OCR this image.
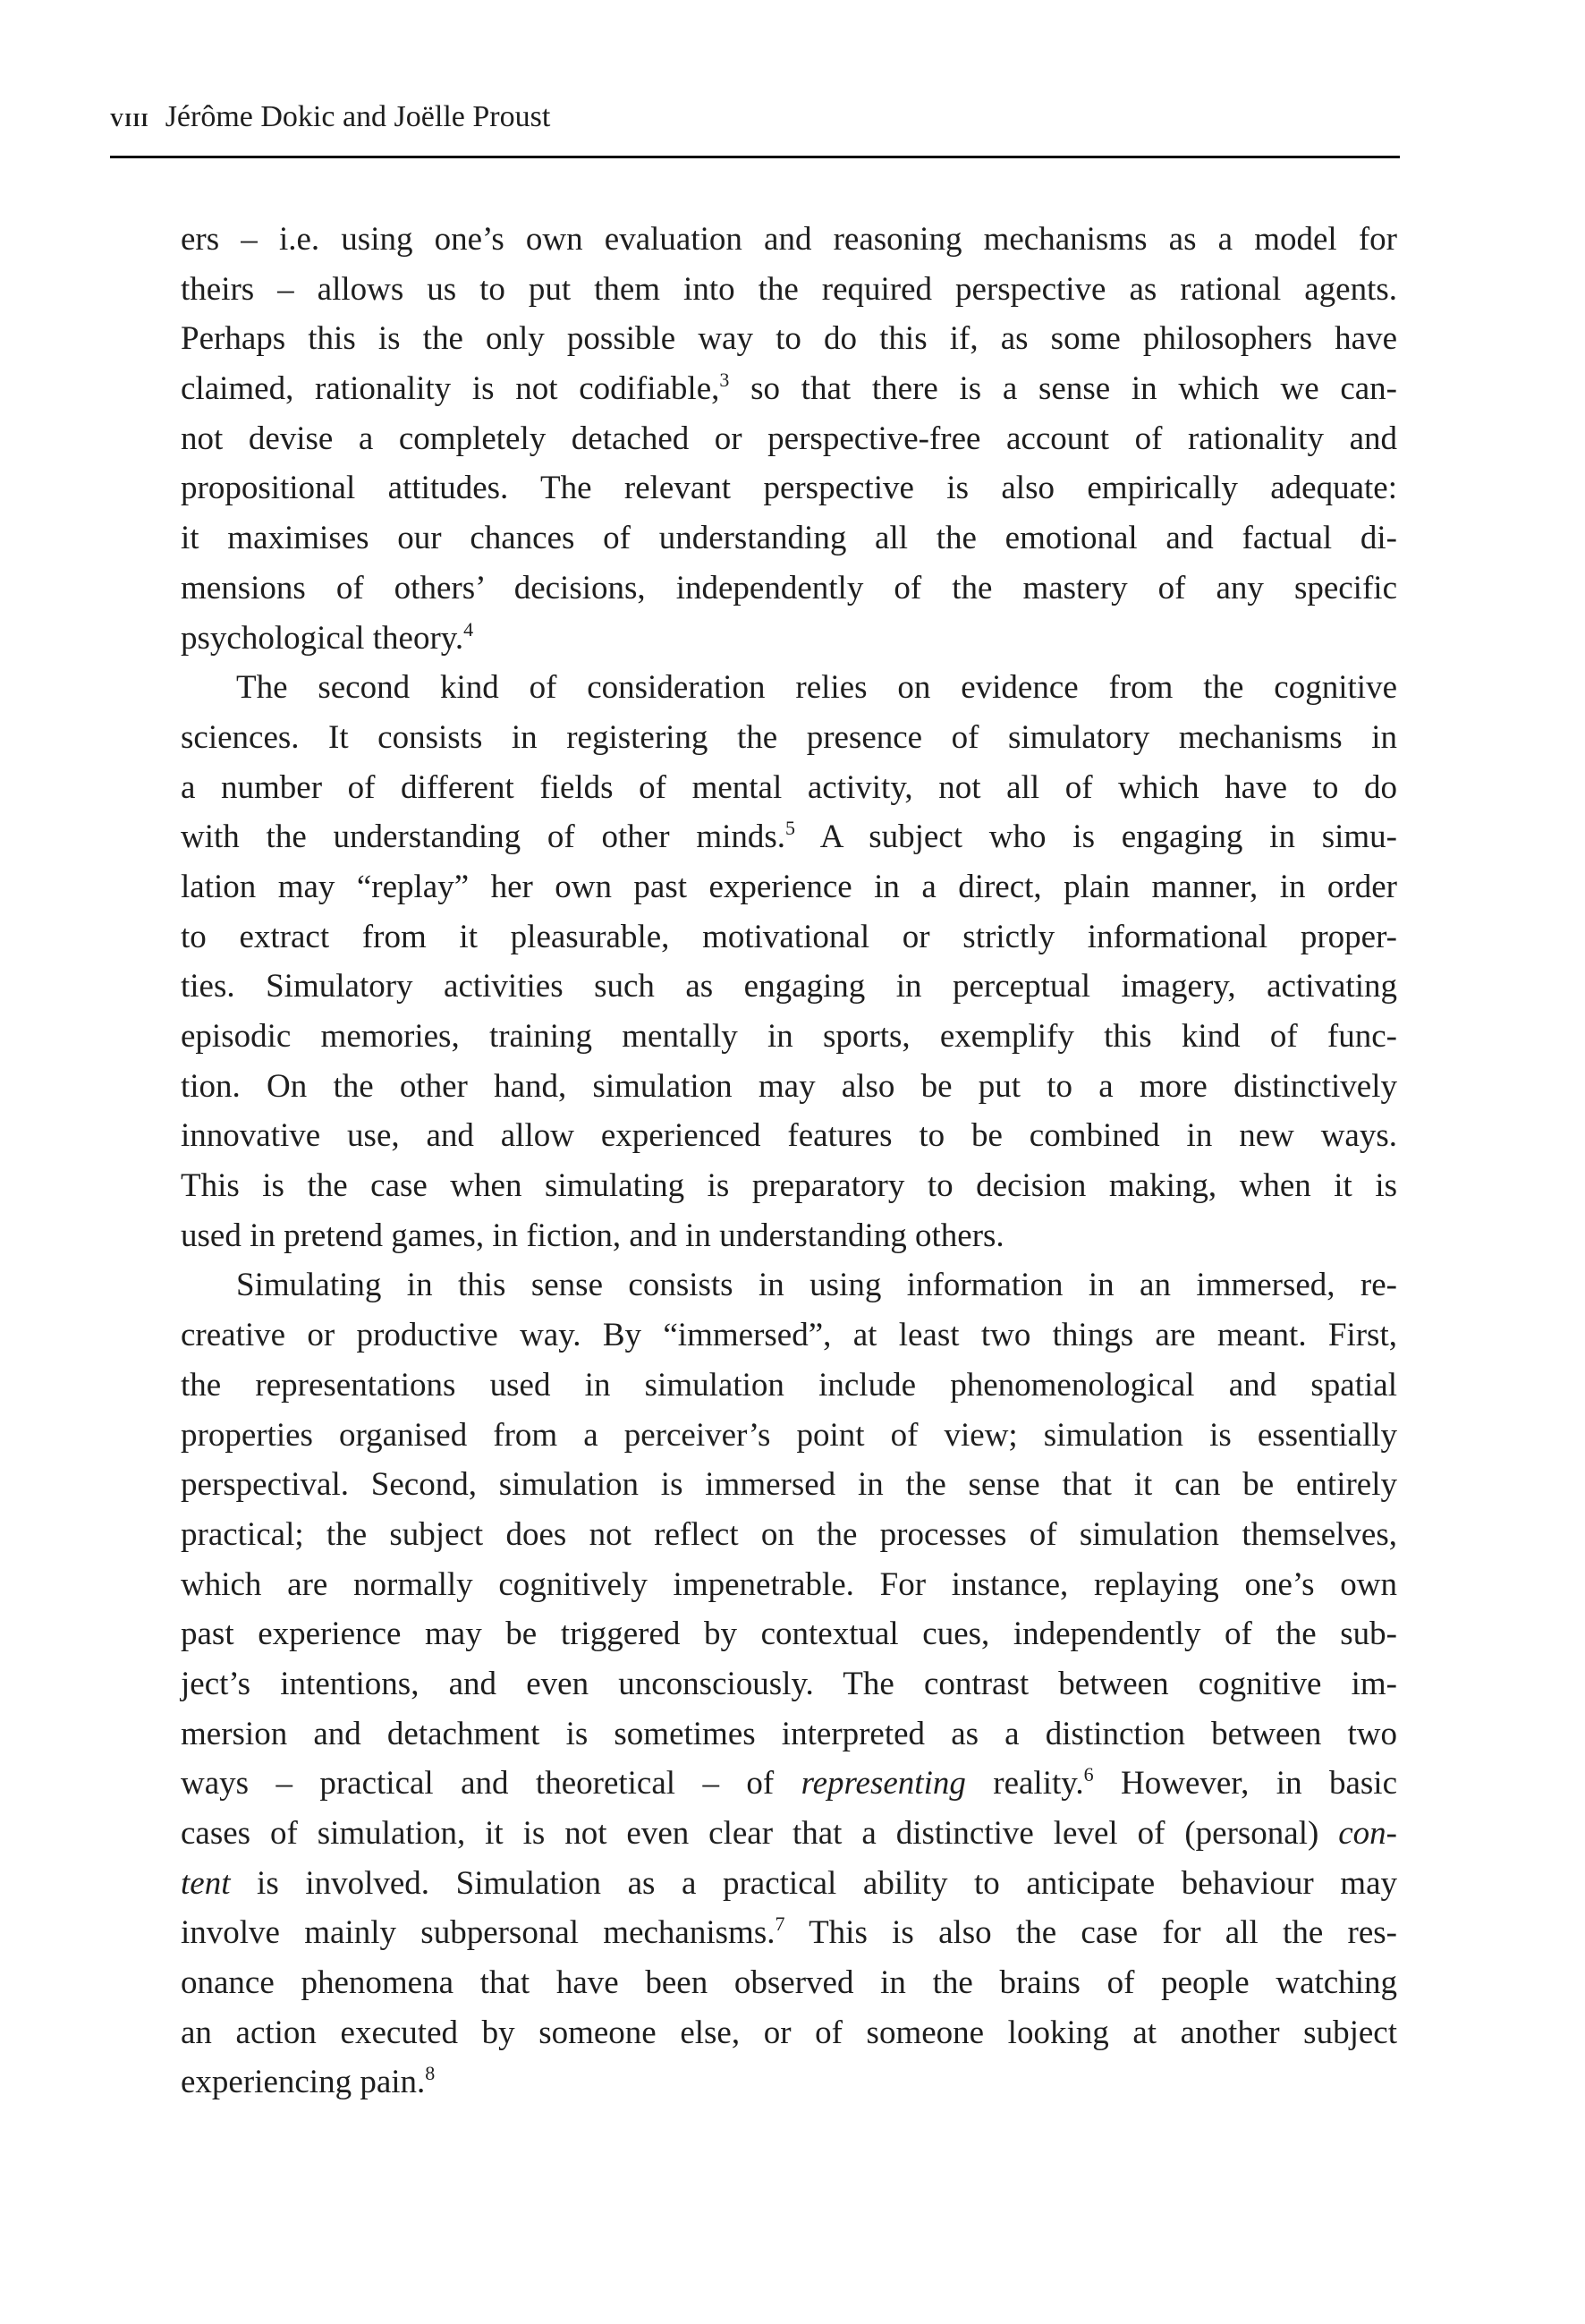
viii Jérôme Dokic and Joëlle Proust
ers – i.e. using one’s own evaluation and reasoning mechanisms as a model for
theirs – allows us to put them into the required perspective as rational agents.
Perhaps this is the only possible way to do this if, as some philosophers have
claimed, rationality is not codifiable,$^3$ so that there is a sense in which we can-
not devise a completely detached or perspective-free account of rationality and
propositional attitudes. The relevant perspective is also empirically adequate:
it maximises our chances of understanding all the emotional and factual di-
mensions of others’ decisions, independently of the mastery of any specific
psychological theory.$^4$
The second kind of consideration relies on evidence from the cognitive
sciences. It consists in registering the presence of simulatory mechanisms in
a number of different fields of mental activity, not all of which have to do
with the understanding of other minds.$^5$ A subject who is engaging in simu-
lation may “replay” her own past experience in a direct, plain manner, in order
to extract from it pleasurable, motivational or strictly informational proper-
ties. Simulatory activities such as engaging in perceptual imagery, activating
episodic memories, training mentally in sports, exemplify this kind of func-
tion. On the other hand, simulation may also be put to a more distinctively
innovative use, and allow experienced features to be combined in new ways.
This is the case when simulating is preparatory to decision making, when it is
used in pretend games, in fiction, and in understanding others.
Simulating in this sense consists in using information in an immersed, re-
creative or productive way. By “immersed”, at least two things are meant. First,
the representations used in simulation include phenomenological and spatial
properties organised from a perceiver’s point of view; simulation is essentially
perspectival. Second, simulation is immersed in the sense that it can be entirely
practical; the subject does not reflect on the processes of simulation themselves,
which are normally cognitively impenetrable. For instance, replaying one’s own
past experience may be triggered by contextual cues, independently of the sub-
ject’s intentions, and even unconsciously. The contrast between cognitive im-
mersion and detachment is sometimes interpreted as a distinction between two
ways – practical and theoretical – of representing reality.$^6$ However, in basic
cases of simulation, it is not even clear that a distinctive level of (personal) con-
tent is involved. Simulation as a practical ability to anticipate behaviour may
involve mainly subpersonal mechanisms.$^7$ This is also the case for all the res-
onance phenomena that have been observed in the brains of people watching
an action executed by someone else, or of someone looking at another subject
experiencing pain.$^8$
